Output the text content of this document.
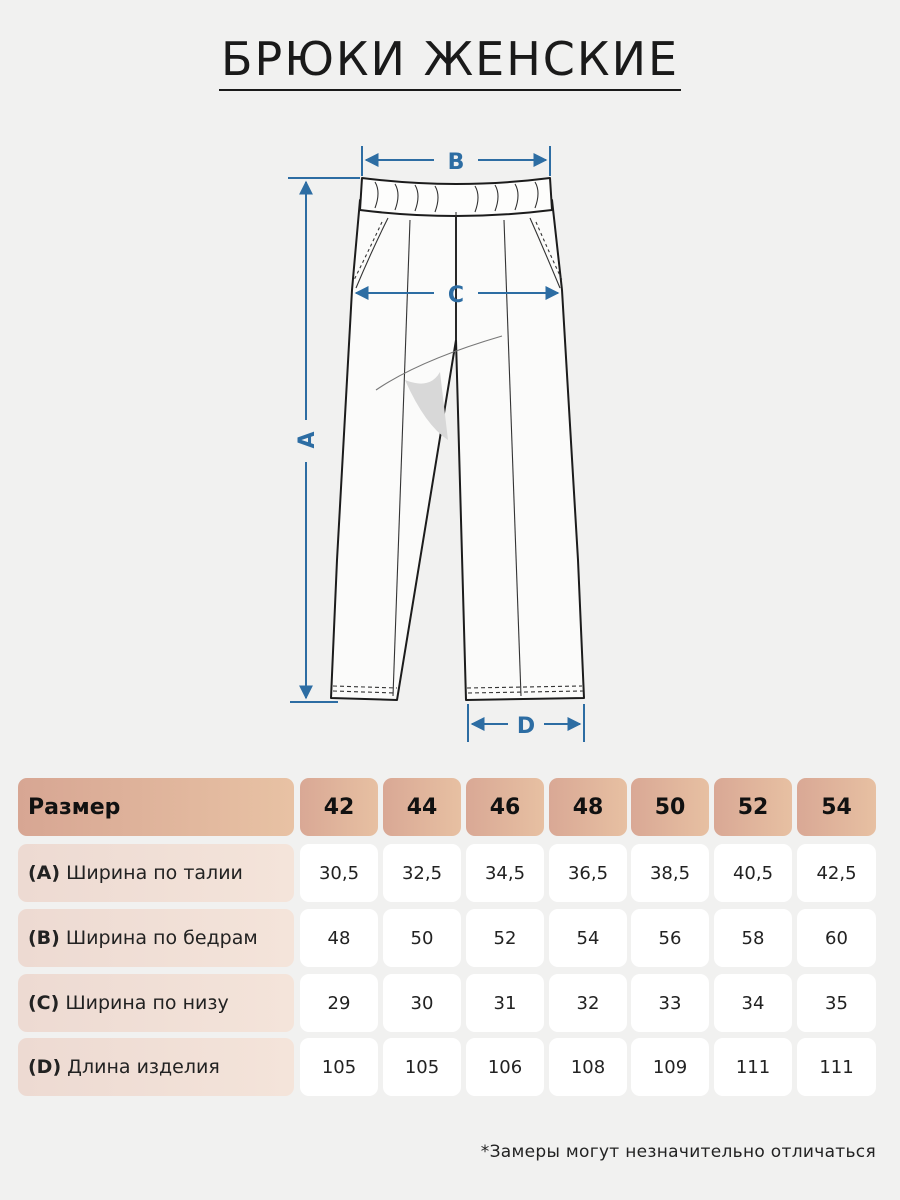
БРЮКИ ЖЕНСКИЕ
B
C
A
D
Размер	42	44	46	48	50	52	54
(A) Ширина по талии	30,5	32,5	34,5	36,5	38,5	40,5	42,5
(B) Ширина по бедрам	48	50	52	54	56	58	60
(C) Ширина по низу	29	30	31	32	33	34	35
(D) Длина изделия	105	105	106	108	109	111	111
*Замеры могут незначительно отличаться
